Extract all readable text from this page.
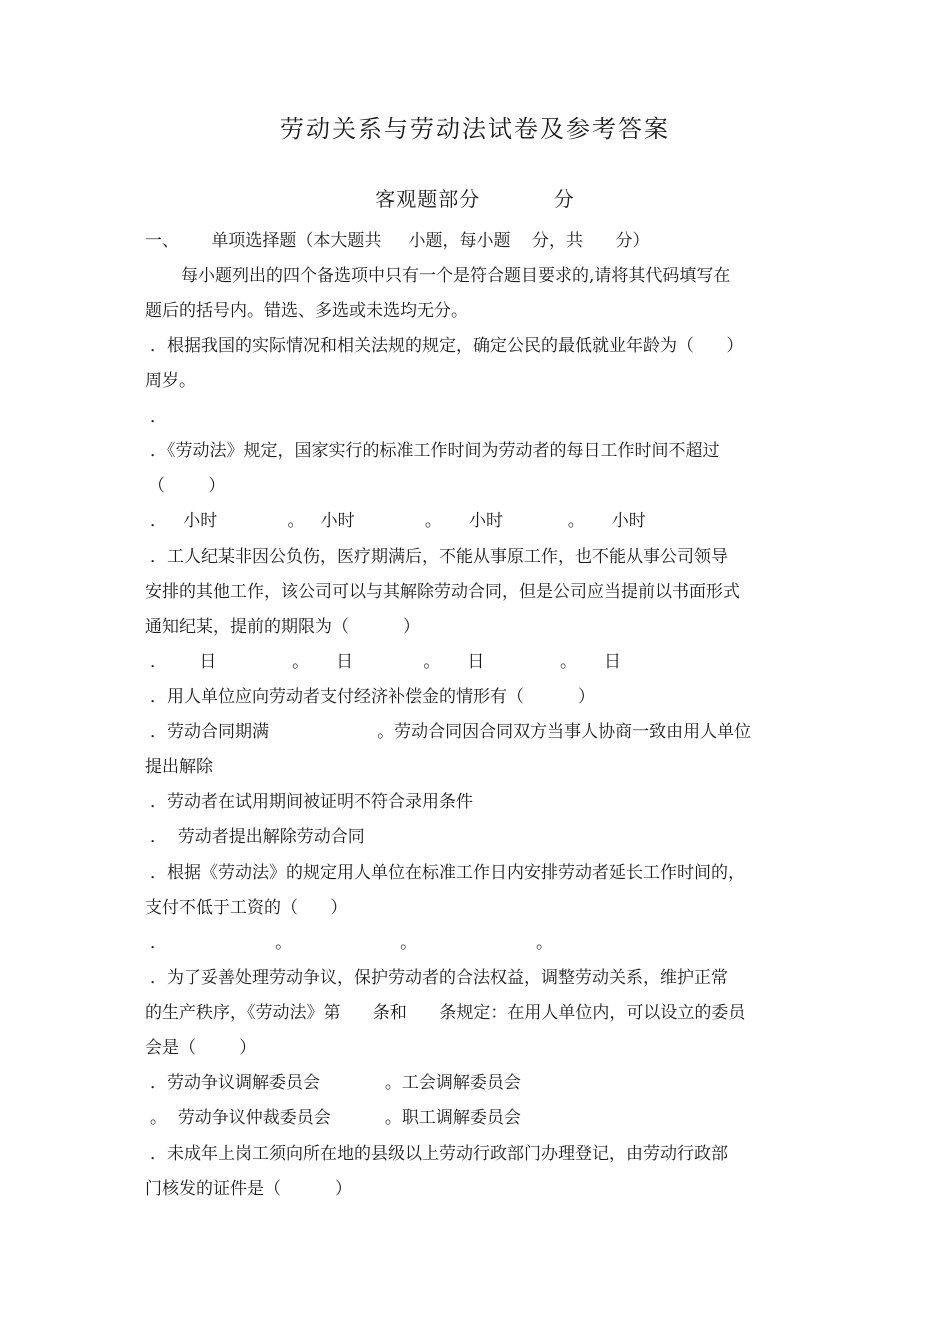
劳动关系与劳动法试卷及参考答案
客观题部分	分
一、      单项选择题（本大题共     小题，每小题    分，共      分）
每小题列出的四个备选项中只有一个是符合题目要求的,请将其代码填写在
题后的括号内。错选、多选或未选均无分。
．根据我国的实际情况和相关法规的规定，确定公民的最低就业年龄为（      ）
周岁。
．
．《劳动法》规定，国家实行的标准工作时间为劳动者的每日工作时间不超过
（        ）
．   小时             。   小时             。     小时            。     小时
．工人纪某非因公负伤，医疗期满后，不能从事原工作，也不能从事公司领导
安排的其他工作，该公司可以与其解除劳动合同，但是公司应当提前以书面形式
通知纪某，提前的期限为（          ）
．      日              。     日             。     日              。     日
．用人单位应向劳动者支付经济补偿金的情形有（          ）
．劳动合同期满                    。劳动合同因合同双方当事人协商一致由用人单位
提出解除
．劳动者在试用期间被证明不符合录用条件
．  劳动者提出解除劳动合同
．根据《劳动法》的规定用人单位在标准工作日内安排劳动者延长工作时间的，
支付不低于工资的（      ）
．                    。                    。                      。
．为了妥善处理劳动争议，保护劳动者的合法权益，调整劳动关系，维护正常
的生产秩序，《劳动法》第      条和      条规定：在用人单位内，可以设立的委员
会是（        ）
．劳动争议调解委员会            。工会调解委员会
。  劳动争议仲裁委员会          。职工调解委员会
．未成年上岗工须向所在地的县级以上劳动行政部门办理登记，由劳动行政部
门核发的证件是（          ）
